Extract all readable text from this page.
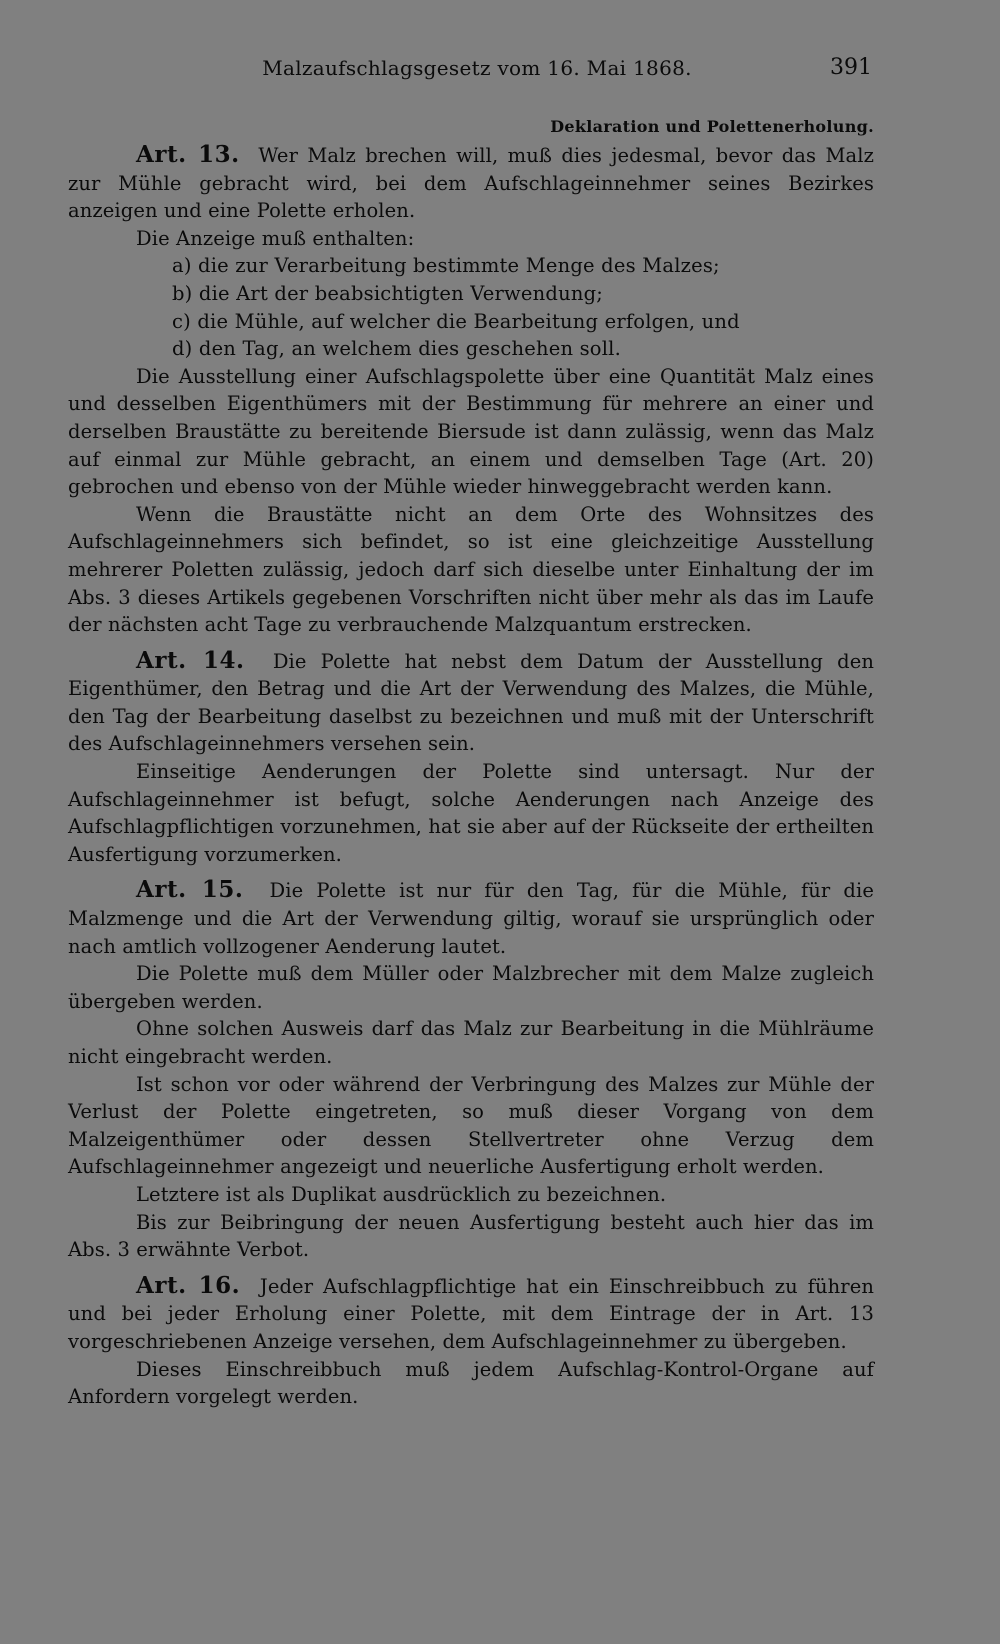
Malzaufschlagsgesetz vom 16. Mai 1868.	391
Deklaration und Polettenerholung.

Art. 13. Wer Malz brechen will, muß dies jedesmal, bevor das Malz zur Mühle gebracht wird, bei dem Aufschlageinnehmer seines Bezirkes anzeigen und eine Polette erholen.

Die Anzeige muß enthalten:

a) die zur Verarbeitung bestimmte Menge des Malzes;
b) die Art der beabsichtigten Verwendung;
c) die Mühle, auf welcher die Bearbeitung erfolgen, und
d) den Tag, an welchem dies geschehen soll.

Die Ausstellung einer Aufschlagspolette über eine Quantität Malz eines und desselben Eigenthümers mit der Bestimmung für mehrere an einer und derselben Braustätte zu bereitende Biersude ist dann zulässig, wenn das Malz auf einmal zur Mühle gebracht, an einem und demselben Tage (Art. 20) gebrochen und ebenso von der Mühle wieder hinweggebracht werden kann.

Wenn die Braustätte nicht an dem Orte des Wohnsitzes des Aufschlageinnehmers sich befindet, so ist eine gleichzeitige Ausstellung mehrerer Poletten zulässig, jedoch darf sich dieselbe unter Einhaltung der im Abs. 3 dieses Artikels gegebenen Vorschriften nicht über mehr als das im Laufe der nächsten acht Tage zu verbrauchende Malzquantum erstrecken.

Art. 14. Die Polette hat nebst dem Datum der Ausstellung den Eigenthümer, den Betrag und die Art der Verwendung des Malzes, die Mühle, den Tag der Bearbeitung daselbst zu bezeichnen und muß mit der Unterschrift des Aufschlageinnehmers versehen sein.

Einseitige Aenderungen der Polette sind untersagt. Nur der Aufschlageinnehmer ist befugt, solche Aenderungen nach Anzeige des Aufschlagpflichtigen vorzunehmen, hat sie aber auf der Rückseite der ertheilten Ausfertigung vorzumerken.

Art. 15. Die Polette ist nur für den Tag, für die Mühle, für die Malzmenge und die Art der Verwendung giltig, worauf sie ursprünglich oder nach amtlich vollzogener Aenderung lautet.

Die Polette muß dem Müller oder Malzbrecher mit dem Malze zugleich übergeben werden.

Ohne solchen Ausweis darf das Malz zur Bearbeitung in die Mühlräume nicht eingebracht werden.

Ist schon vor oder während der Verbringung des Malzes zur Mühle der Verlust der Polette eingetreten, so muß dieser Vorgang von dem Malzeigenthümer oder dessen Stellvertreter ohne Verzug dem Aufschlageinnehmer angezeigt und neuerliche Ausfertigung erholt werden.

Letztere ist als Duplikat ausdrücklich zu bezeichnen.

Bis zur Beibringung der neuen Ausfertigung besteht auch hier das im Abs. 3 erwähnte Verbot.

Art. 16. Jeder Aufschlagpflichtige hat ein Einschreibbuch zu führen und bei jeder Erholung einer Polette, mit dem Eintrage der in Art. 13 vorgeschriebenen Anzeige versehen, dem Aufschlageinnehmer zu übergeben.

Dieses Einschreibbuch muß jedem Aufschlag-Kontrol-Organe auf Anfordern vorgelegt werden.
